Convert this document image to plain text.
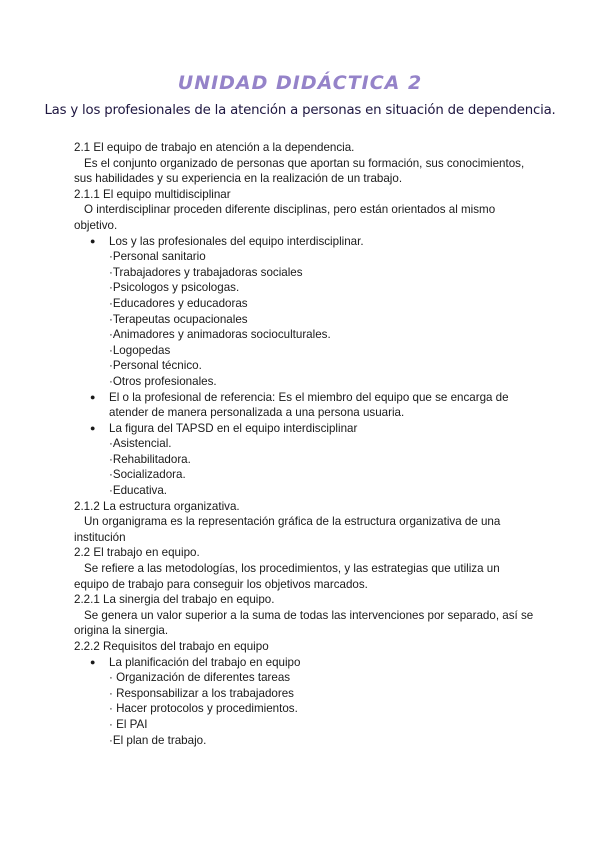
UNIDAD DIDÁCTICA 2
Las y los profesionales de la atención a personas en situación de dependencia.

2.1 El equipo de trabajo en atención a la dependencia.

Es el conjunto organizado de personas que aportan su formación, sus conocimientos, sus habilidades y su experiencia en la realización de un trabajo.

2.1.1 El equipo multidisciplinar

O interdisciplinar proceden diferente disciplinas, pero están orientados al mismo objetivo.

● Los y las profesionales del equipo interdisciplinar.
·Personal sanitario
·Trabajadores y trabajadoras sociales
·Psicologos y psicologas.
·Educadores y educadoras
·Terapeutas ocupacionales
·Animadores y animadoras socioculturales.
·Logopedas
·Personal técnico.
·Otros profesionales.
● El o la profesional de referencia: Es el miembro del equipo que se encarga de atender de manera personalizada a una persona usuaria.
● La figura del TAPSD en el equipo interdisciplinar
·Asistencial.
·Rehabilitadora.
·Socializadora.
·Educativa.

2.1.2 La estructura organizativa.

Un organigrama es la representación gráfica de la estructura organizativa de una institución

2.2 El trabajo en equipo.

Se refiere a las metodologías, los procedimientos, y las estrategias que utiliza un equipo de trabajo para conseguir los objetivos marcados.

2.2.1 La sinergia del trabajo en equipo.

Se genera un valor superior a la suma de todas las intervenciones por separado, así se origina la sinergia.

2.2.2 Requisitos del trabajo en equipo

● La planificación del trabajo en equipo
· Organización de diferentes tareas
· Responsabilizar a los trabajadores
· Hacer protocolos y procedimientos.
· El PAI
·El plan de trabajo.
